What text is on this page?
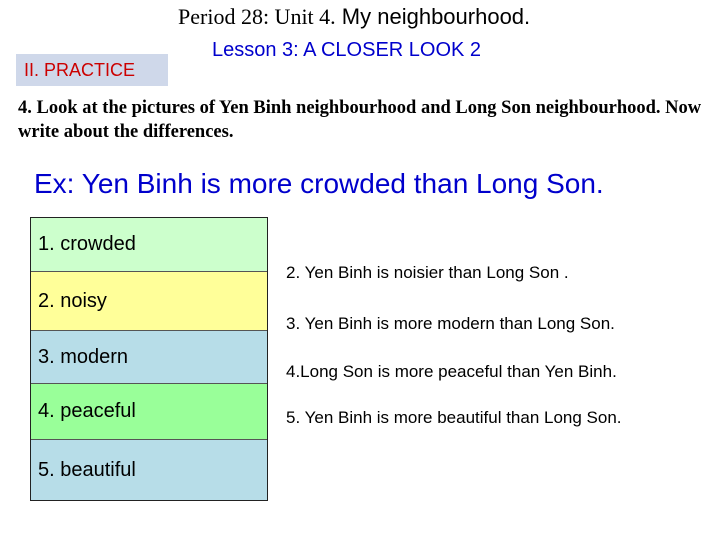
Period 28: Unit 4. My neighbourhood.
Lesson 3: A CLOSER LOOK 2
II. PRACTICE
4. Look at the pictures of Yen Binh neighbourhood and Long Son neighbourhood. Now write about the differences.
Ex: Yen Binh is more crowded than Long Son.
1. crowded
2. noisy
3. modern
4. peaceful
5. beautiful
2. Yen Binh is noisier than Long Son .
3. Yen Binh is more modern than Long Son.
4.Long Son is more peaceful than Yen Binh.
5. Yen Binh is more beautiful than Long Son.
